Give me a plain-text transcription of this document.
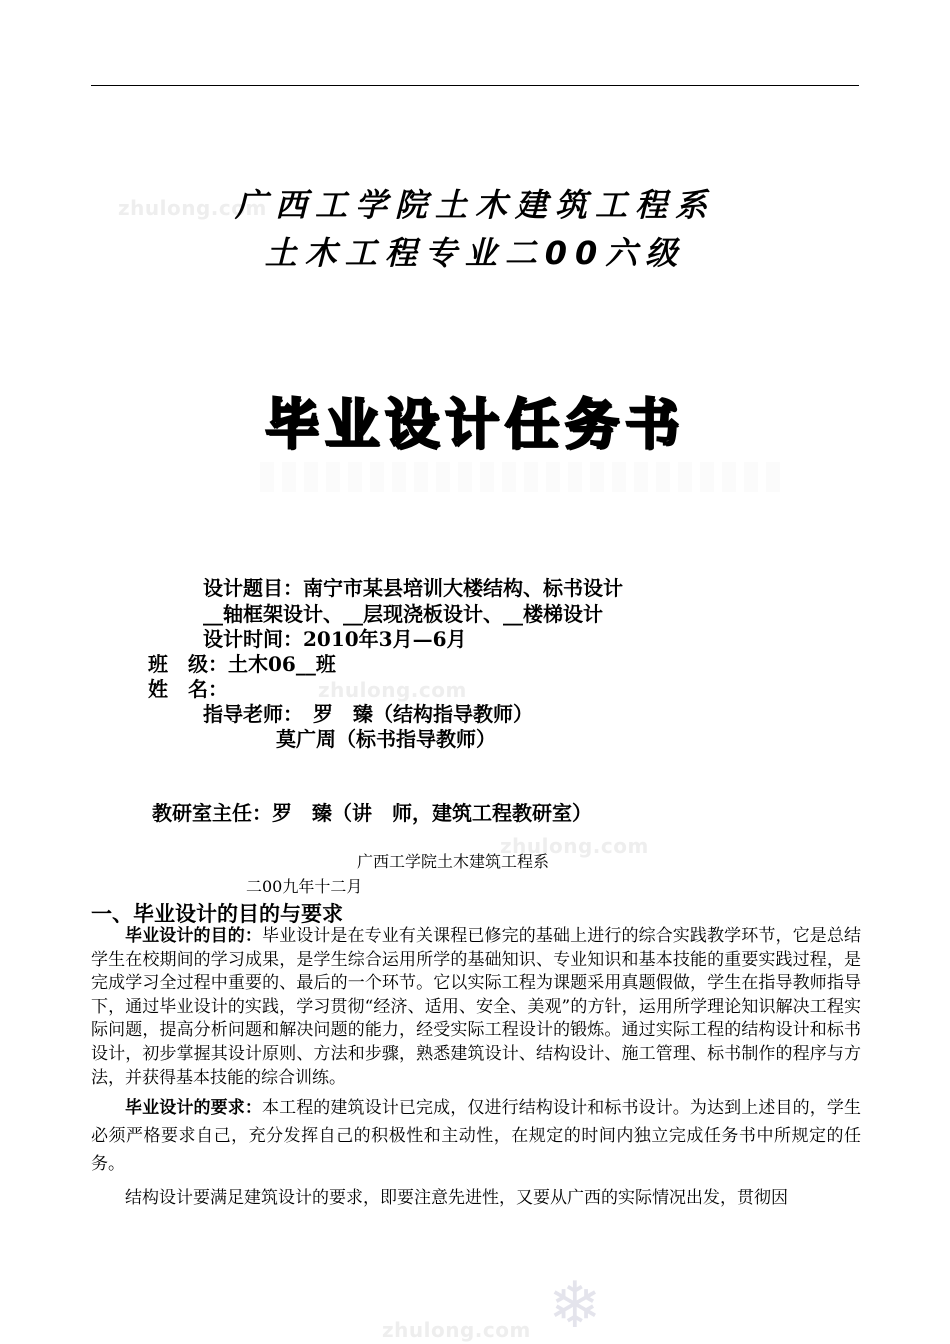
zhulong.com
zhulong.com
zhulong.com
zhulong.com ❄
广西工学院土木建筑工程系
土木工程专业二00六级
毕业设计任务书
设计题目：南宁市某县培训大楼结构、标书设计
__轴框架设计、__层现浇板设计、__楼梯设计
设计时间：2010年3月—6月
班　级：土木06__班
姓　名：
指导老师：　罗　臻（结构指导教师）
莫广周（标书指导教师）
教研室主任：罗　臻（讲　师，建筑工程教研室）
广西工学院土木建筑工程系
二00九年十二月
一、毕业设计的目的与要求
毕业设计的目的：毕业设计是在专业有关课程已修完的基础上进行的综合实践教学环节，它是总结学生在校期间的学习成果，是学生综合运用所学的基础知识、专业知识和基本技能的重要实践过程，是完成学习全过程中重要的、最后的一个环节。它以实际工程为课题采用真题假做，学生在指导教师指导下，通过毕业设计的实践，学习贯彻“经济、适用、安全、美观”的方针，运用所学理论知识解决工程实际问题，提高分析问题和解决问题的能力，经受实际工程设计的锻炼。通过实际工程的结构设计和标书设计，初步掌握其设计原则、方法和步骤，熟悉建筑设计、结构设计、施工管理、标书制作的程序与方法，并获得基本技能的综合训练。
毕业设计的要求：本工程的建筑设计已完成，仅进行结构设计和标书设计。为达到上述目的，学生必须严格要求自己，充分发挥自己的积极性和主动性，在规定的时间内独立完成任务书中所规定的任务。
结构设计要满足建筑设计的要求，即要注意先进性，又要从广西的实际情况出发，贯彻因
